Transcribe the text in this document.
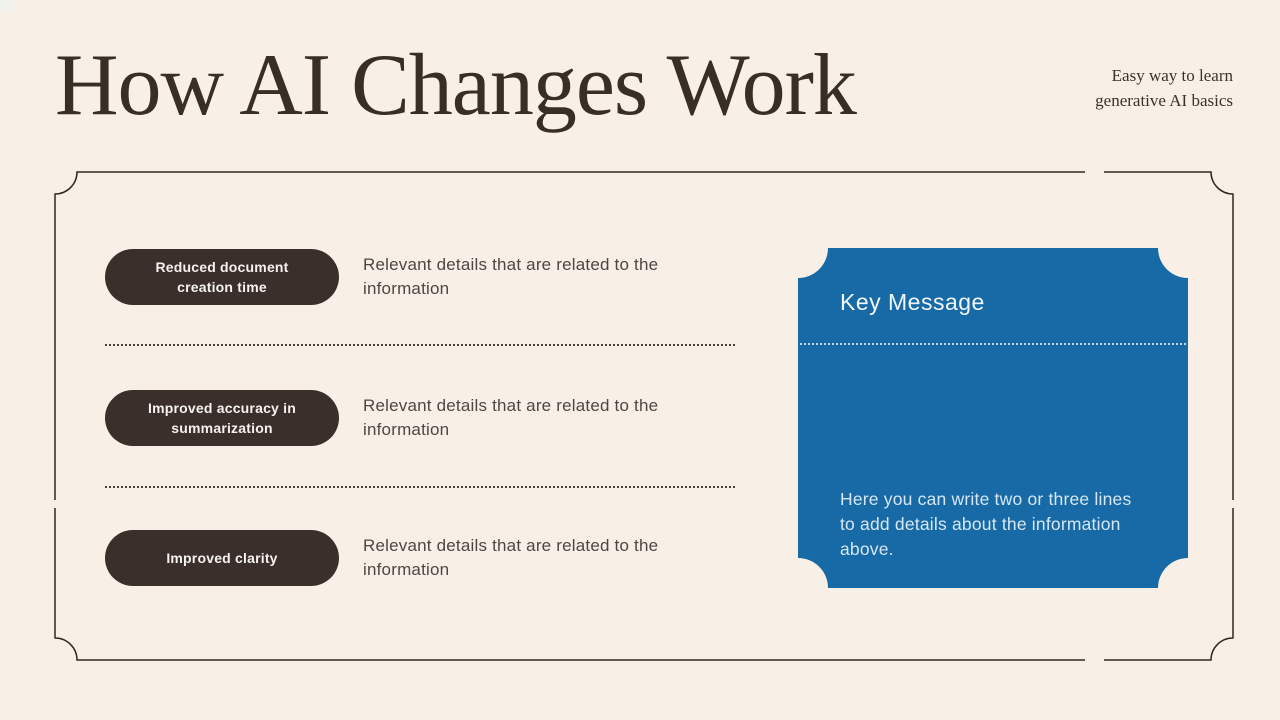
How AI Changes Work	Easy way to learn
generative AI basics
Reduced document creation time
Relevant details that are related to the information
Improved accuracy in summarization
Relevant details that are related to the information
Improved clarity
Relevant details that are related to the information
Key Message
Here you can write two or three lines to add details about the information above.
